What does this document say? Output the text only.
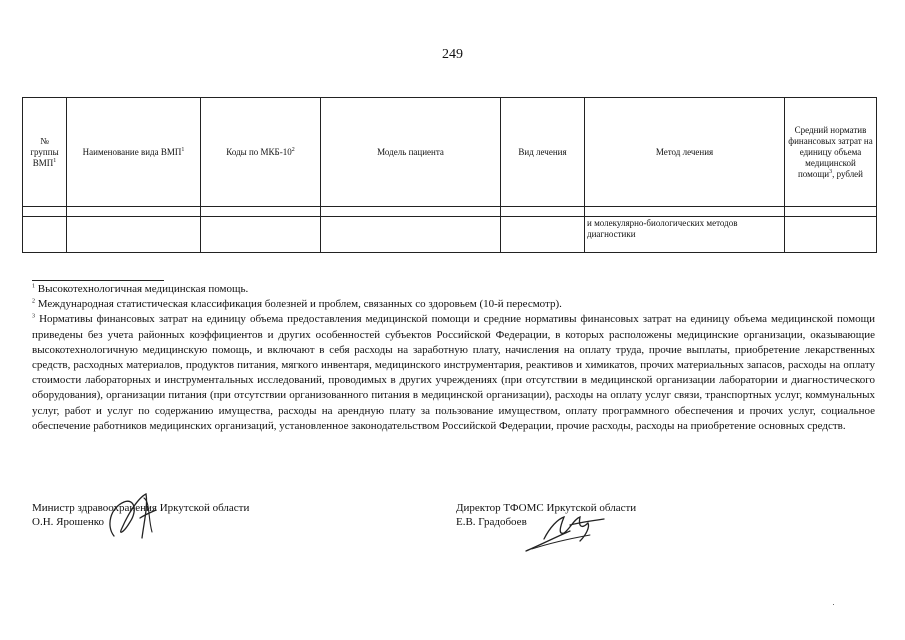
249
№ группы ВМП$^1$	Наименование вида ВМП$^1$	Коды по МКБ-$10^2$	Модель пациента	Вид лечения	Метод лечения	Средний норматив финансовых затрат на единицу объема медицинской помощи$^3$, рублей

					и молекулярно-биологических методов диагностики	

$^1$ Высокотехнологичная медицинская помощь.

$^2$ Международная статистическая классификация болезней и проблем, связанных со здоровьем (10-й пересмотр).

$^3$ Нормативы финансовых затрат на единицу объема предоставления медицинской помощи и средние нормативы финансовых затрат на единицу объема медицинской помощи приведены без учета районных коэффициентов и других особенностей субъектов Российской Федерации, в которых расположены медицинские организации, оказывающие высокотехнологичную медицинскую помощь, и включают в себя расходы на заработную плату, начисления на оплату труда, прочие выплаты, приобретение лекарственных средств, расходных материалов, продуктов питания, мягкого инвентаря, медицинского инструментария, реактивов и химикатов, прочих материальных запасов, расходы на оплату стоимости лабораторных и инструментальных исследований, проводимых в других учреждениях (при отсутствии в медицинской организации лаборатории и диагностического оборудования), организации питания (при отсутствии организованного питания в медицинской организации), расходы на оплату услуг связи, транспортных услуг, коммунальных услуг, работ и услуг по содержанию имущества, расходы на арендную плату за пользование имуществом, оплату программного обеспечения и прочих услуг, социальное обеспечение работников медицинских организаций, установленное законодательством Российской Федерации, прочие расходы, расходы на приобретение основных средств.

Министр здравоохранения Иркутской области
О.Н. Ярошенко
Директор ТФОМС Иркутской области
Е.В. Градобоев
